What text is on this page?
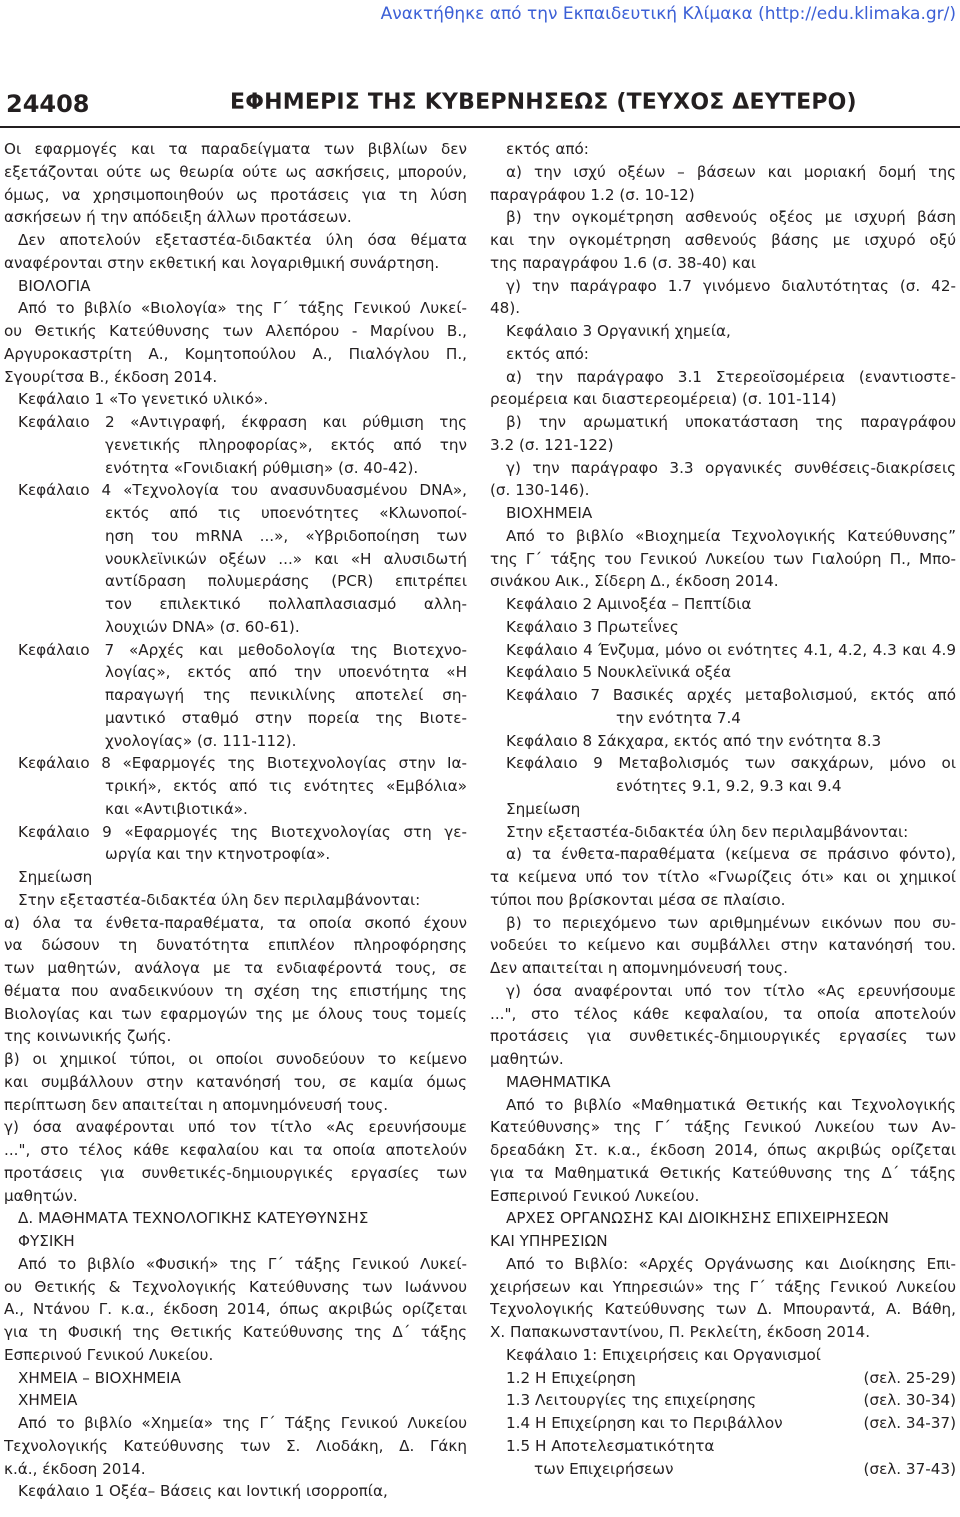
Ανακτήθηκε από την Εκπαιδευτική Κλίμακα (http://edu.klimaka.gr/)
24408	ΕΦΗΜΕΡΙΣ ΤΗΣ ΚΥΒΕΡΝΗΣΕΩΣ (ΤΕΥΧΟΣ ΔΕΥΤΕΡΟ)
Οι εφαρμογές και τα παραδείγματα των βιβλίων δεν
εξετάζονται ούτε ως θεωρία ούτε ως ασκήσεις, μπορούν,
όμως, να χρησιμοποιηθούν ως προτάσεις για τη λύση
ασκήσεων ή την απόδειξη άλλων προτάσεων.
Δεν αποτελούν εξεταστέα-διδακτέα ύλη όσα θέματα
αναφέρονται στην εκθετική και λογαριθμική συνάρτηση.
ΒΙΟΛΟΓΙΑ
Από το βιβλίο «Βιολογία» της Γ΄ τάξης Γενικού Λυκεί-
ου Θετικής Κατεύθυνσης των Αλεπόρου - Μαρίνου Β.,
Αργυροκαστρίτη Α., Κομητοπούλου Α., Πιαλόγλου Π.,
Σγουρίτσα Β., έκδοση 2014.
Κεφάλαιο 1 «Το γενετικό υλικό».
Κεφάλαιο 2 «Αντιγραφή, έκφραση και ρύθμιση της
γενετικής πληροφορίας», εκτός από την
ενότητα «Γονιδιακή ρύθμιση» (σ. 40-42).
Κεφάλαιο 4 «Τεχνολογία του ανασυνδυασμένου DNA»,
εκτός από τις υποενότητες «Κλωνοποί-
ηση του mRNA ...», «Υβριδοποίηση των
νουκλεϊνικών οξέων ...» και «Η αλυσιδωτή
αντίδραση πολυμεράσης (PCR) επιτρέπει
τον επιλεκτικό πολλαπλασιασμό αλλη-
λουχιών DNA» (σ. 60-61).
Κεφάλαιο 7 «Αρχές και μεθοδολογία της Βιοτεχνο-
λογίας», εκτός από την υποενότητα «Η
παραγωγή της πενικιλίνης αποτελεί ση-
μαντικό σταθμό στην πορεία της Βιοτε-
χνολογίας» (σ. 111-112).
Κεφάλαιο 8 «Εφαρμογές της Βιοτεχνολογίας στην Ια-
τρική», εκτός από τις ενότητες «Εμβόλια»
και «Αντιβιοτικά».
Κεφάλαιο 9 «Εφαρμογές της Βιοτεχνολογίας στη γε-
ωργία και την κτηνοτροφία».
Σημείωση
Στην εξεταστέα-διδακτέα ύλη δεν περιλαμβάνονται:
α) όλα τα ένθετα-παραθέματα, τα οποία σκοπό έχουν
να δώσουν τη δυνατότητα επιπλέον πληροφόρησης
των μαθητών, ανάλογα με τα ενδιαφέροντά τους, σε
θέματα που αναδεικνύουν τη σχέση της επιστήμης της
Βιολογίας και των εφαρμογών της με όλους τους τομείς
της κοινωνικής ζωής.
β) οι χημικοί τύποι, οι οποίοι συνοδεύουν το κείμενο
και συμβάλλουν στην κατανόησή του, σε καμία όμως
περίπτωση δεν απαιτείται η απομνημόνευσή τους.
γ) όσα αναφέρονται υπό τον τίτλο «Ας ερευνήσουμε
...", στο τέλος κάθε κεφαλαίου και τα οποία αποτελούν
προτάσεις για συνθετικές-δημιουργικές εργασίες των
μαθητών.
Δ. ΜΑΘΗΜΑΤΑ ΤΕΧΝΟΛΟΓΙΚΗΣ ΚΑΤΕΥΘΥΝΣΗΣ
ΦΥΣΙΚΗ
Από το βιβλίο «Φυσική» της Γ΄ τάξης Γενικού Λυκεί-
ου Θετικής & Τεχνολογικής Κατεύθυνσης των Ιωάννου
Α., Ντάνου Γ. κ.α., έκδοση 2014, όπως ακριβώς ορίζεται
για τη Φυσική της Θετικής Κατεύθυνσης της Δ΄ τάξης
Εσπερινού Γενικού Λυκείου.
ΧΗΜΕΙΑ – ΒΙΟΧΗΜΕΙΑ
ΧΗΜΕΙΑ
Από το βιβλίο «Χημεία» της Γ΄ Τάξης Γενικού Λυκείου
Τεχνολογικής Κατεύθυνσης των Σ. Λιοδάκη, Δ. Γάκη
κ.ά., έκδοση 2014.
Κεφάλαιο 1 Οξέα– Βάσεις και Ιοντική ισορροπία,
εκτός από:
α) την ισχύ οξέων – βάσεων και μοριακή δομή της
παραγράφου 1.2 (σ. 10-12)
β) την ογκομέτρηση ασθενούς οξέος με ισχυρή βάση
και την ογκομέτρηση ασθενούς βάσης με ισχυρό οξύ
της παραγράφου 1.6 (σ. 38-40) και
γ) την παράγραφο 1.7 γινόμενο διαλυτότητας (σ. 42-
48).
Κεφάλαιο 3 Οργανική χημεία,
εκτός από:
α) την παράγραφο 3.1 Στερεοϊσομέρεια (εναντιοστε-
ρεομέρεια και διαστερεομέρεια) (σ. 101-114)
β) την αρωματική υποκατάσταση της παραγράφου
3.2 (σ. 121-122)
γ) την παράγραφο 3.3 οργανικές συνθέσεις-διακρίσεις
(σ. 130-146).
ΒΙΟΧΗΜΕΙΑ
Από το βιβλίο «Βιοχημεία Τεχνολογικής Κατεύθυνσης”
της Γ΄ τάξης του Γενικού Λυκείου των Γιαλούρη Π., Μπο-
σινάκου Αικ., Σίδερη Δ., έκδοση 2014.
Κεφάλαιο 2 Αμινοξέα – Πεπτίδια
Κεφάλαιο 3 Πρωτεΐνες
Κεφάλαιο 4 Ένζυμα, μόνο οι ενότητες 4.1, 4.2, 4.3 και 4.9
Κεφάλαιο 5 Νουκλεϊνικά οξέα
Κεφάλαιο 7 Βασικές αρχές μεταβολισμού, εκτός από
την ενότητα 7.4
Κεφάλαιο 8 Σάκχαρα, εκτός από την ενότητα 8.3
Κεφάλαιο 9 Μεταβολισμός των σακχάρων, μόνο οι
ενότητες 9.1, 9.2, 9.3 και 9.4
Σημείωση
Στην εξεταστέα-διδακτέα ύλη δεν περιλαμβάνονται:
α) τα ένθετα-παραθέματα (κείμενα σε πράσινο φόντο),
τα κείμενα υπό τον τίτλο «Γνωρίζεις ότι» και οι χημικοί
τύποι που βρίσκονται μέσα σε πλαίσιο.
β) το περιεχόμενο των αριθμημένων εικόνων που συ-
νοδεύει το κείμενο και συμβάλλει στην κατανόησή του.
Δεν απαιτείται η απομνημόνευσή τους.
γ) όσα αναφέρονται υπό τον τίτλο «Ας ερευνήσουμε
...", στο τέλος κάθε κεφαλαίου, τα οποία αποτελούν
προτάσεις για συνθετικές-δημιουργικές εργασίες των
μαθητών.
ΜΑΘΗΜΑΤΙΚΑ
Από το βιβλίο «Μαθηματικά Θετικής και Τεχνολογικής
Κατεύθυνσης» της Γ΄ τάξης Γενικού Λυκείου των Αν-
δρεαδάκη Στ. κ.α., έκδοση 2014, όπως ακριβώς ορίζεται
για τα Μαθηματικά Θετικής Κατεύθυνσης της Δ΄ τάξης
Εσπερινού Γενικού Λυκείου.
ΑΡΧΕΣ ΟΡΓΑΝΩΣΗΣ ΚΑΙ ΔΙΟΙΚΗΣΗΣ ΕΠΙΧΕΙΡΗΣΕΩΝ
ΚΑΙ ΥΠΗΡΕΣΙΩΝ
Από το Βιβλίο: «Αρχές Οργάνωσης και Διοίκησης Επι-
χειρήσεων και Υπηρεσιών» της Γ΄ τάξης Γενικού Λυκείου
Τεχνολογικής Κατεύθυνσης των Δ. Μπουραντά, Α. Βάθη,
Χ. Παπακωνσταντίνου, Π. Ρεκλείτη, έκδοση 2014.
Κεφάλαιο 1: Επιχειρήσεις και Οργανισμοί
1.2 Η Επιχείρηση	(σελ. 25-29)
1.3 Λειτουργίες της επιχείρησης	(σελ. 30-34)
1.4 Η Επιχείρηση και το Περιβάλλον	(σελ. 34-37)
1.5 Η Αποτελεσματικότητα
των Επιχειρήσεων	(σελ. 37-43)
